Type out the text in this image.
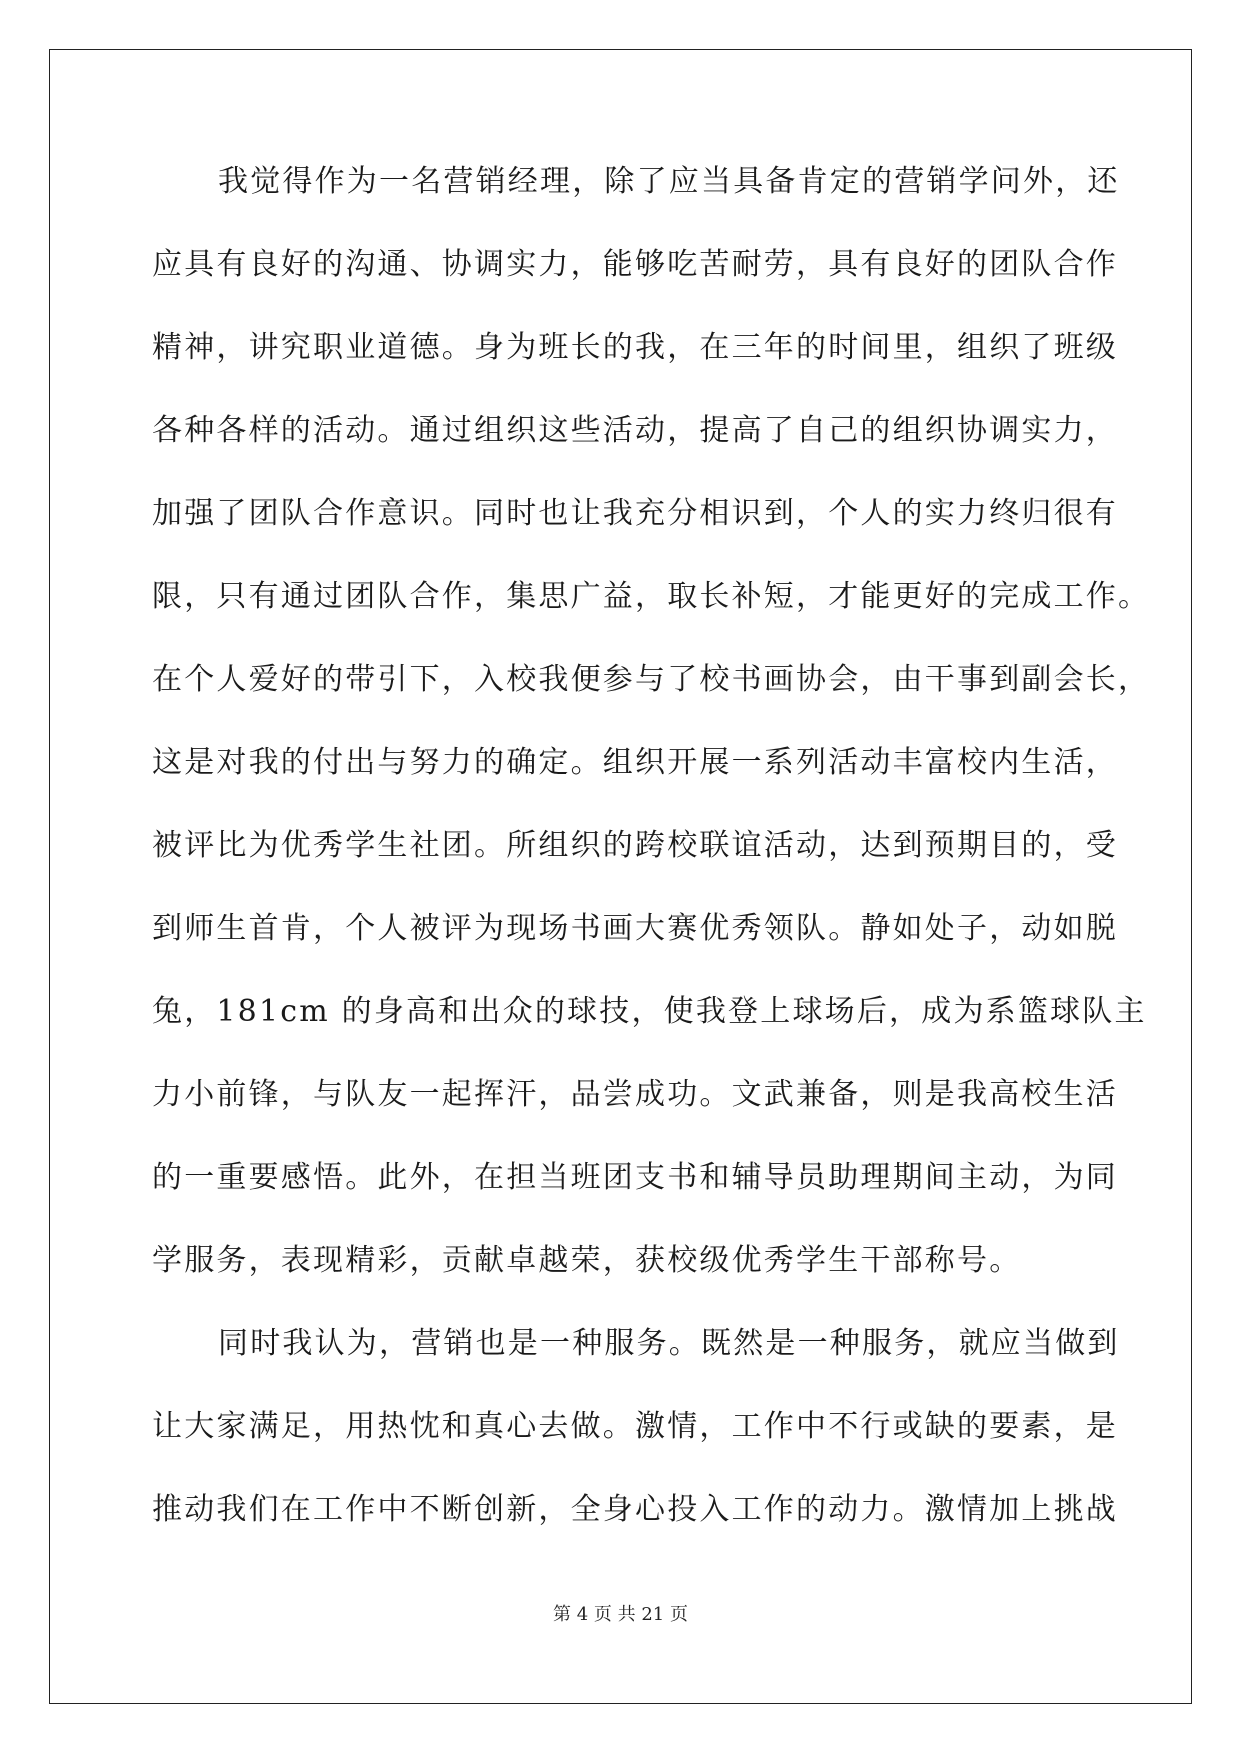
我觉得作为一名营销经理，除了应当具备肯定的营销学问外，还
应具有良好的沟通、协调实力，能够吃苦耐劳，具有良好的团队合作
精神，讲究职业道德。身为班长的我，在三年的时间里，组织了班级
各种各样的活动。通过组织这些活动，提高了自己的组织协调实力，
加强了团队合作意识。同时也让我充分相识到，个人的实力终归很有
限，只有通过团队合作，集思广益，取长补短，才能更好的完成工作。
在个人爱好的带引下，入校我便参与了校书画协会，由干事到副会长，
这是对我的付出与努力的确定。组织开展一系列活动丰富校内生活，
被评比为优秀学生社团。所组织的跨校联谊活动，达到预期目的，受
到师生首肯，个人被评为现场书画大赛优秀领队。静如处子，动如脱
兔，181cm 的身高和出众的球技，使我登上球场后，成为系篮球队主
力小前锋，与队友一起挥汗，品尝成功。文武兼备，则是我高校生活
的一重要感悟。此外，在担当班团支书和辅导员助理期间主动，为同
学服务，表现精彩，贡献卓越荣，获校级优秀学生干部称号。
同时我认为，营销也是一种服务。既然是一种服务，就应当做到
让大家满足，用热忱和真心去做。激情，工作中不行或缺的要素，是
推动我们在工作中不断创新，全身心投入工作的动力。激情加上挑战
第 4 页 共 21 页
